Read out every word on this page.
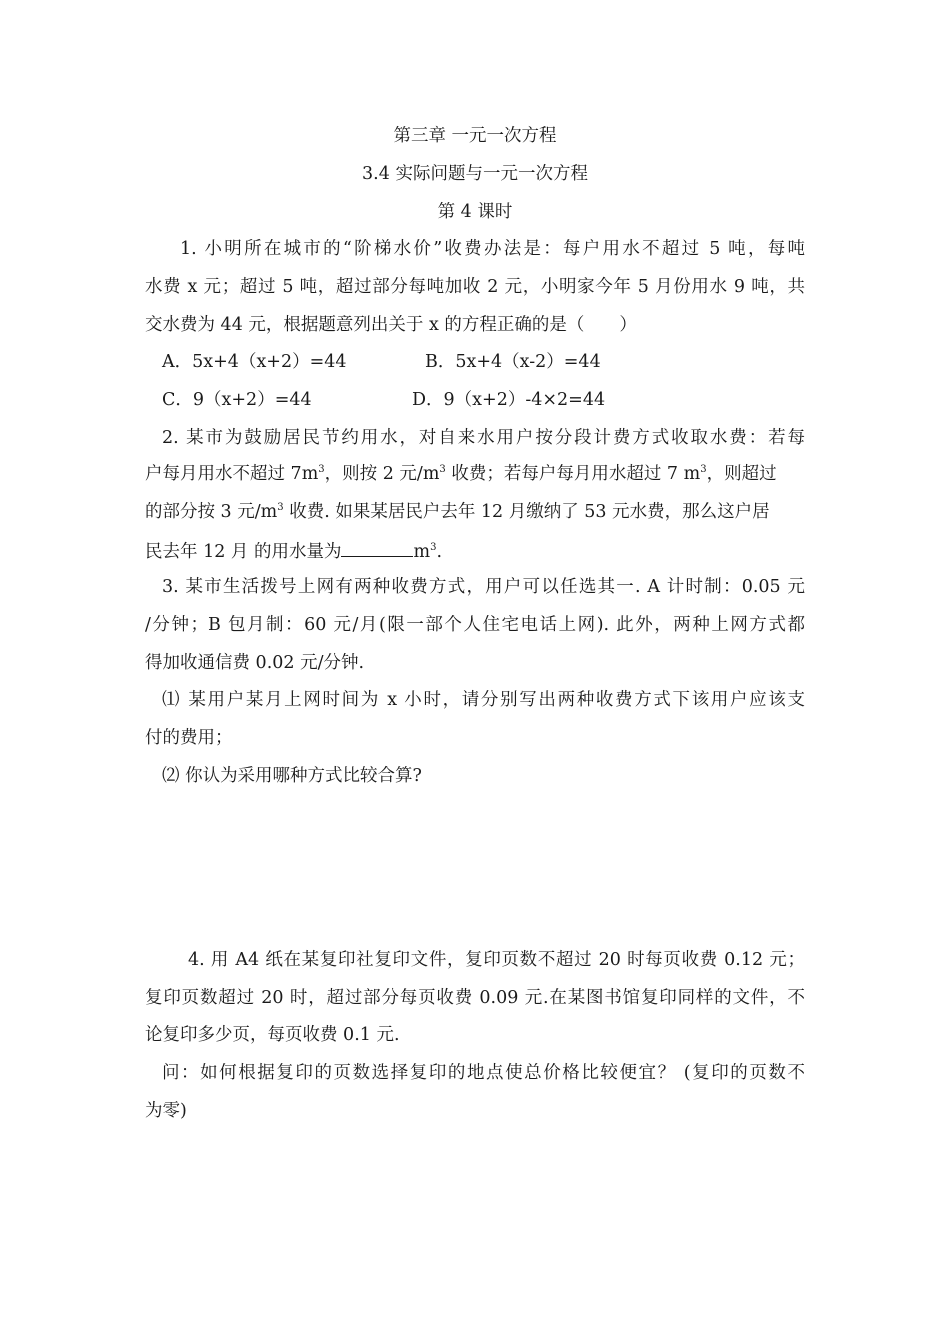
第三章 一元一次方程
3.4 实际问题与一元一次方程
第 4 课时
1. 小明所在城市的“阶梯水价”收费办法是：每户用水不超过 5 吨，每吨
水费 x 元；超过 5 吨，超过部分每吨加收 2 元，小明家今年 5 月份用水 9 吨，共
交水费为 44 元，根据题意列出关于 x 的方程正确的是（　　）
A．5x+4（x+2）=44	B．5x+4（x-2）=44
C．9（x+2）=44	D．9（x+2）-4×2=44
2. 某市为鼓励居民节约用水，对自来水用户按分段计费方式收取水费：若每
户每月用水不超过 $7m^3$，则按 2 元$/m^3$ 收费；若每户每月用水超过 7 $m^3$，则超过
的部分按 3 元$/m^3$ 收费. 如果某居民户去年 12 月缴纳了 53 元水费，那么这户居
民去年 12 月 的用水量为	$m^3$.
3. 某市生活拨号上网有两种收费方式，用户可以任选其一. A 计时制：0.05 元
/分钟；B 包月制：60 元/月(限一部个人住宅电话上网). 此外，两种上网方式都
得加收通信费 0.02 元/分钟.
⑴ 某用户某月上网时间为 x 小时，请分别写出两种收费方式下该用户应该支
付的费用；
⑵ 你认为采用哪种方式比较合算?
4. 用 A4 纸在某复印社复印文件，复印页数不超过 20 时每页收费 0.12 元；
复印页数超过 20 时，超过部分每页收费 0.09 元.在某图书馆复印同样的文件，不
论复印多少页，每页收费 0.1 元.
问：如何根据复印的页数选择复印的地点使总价格比较便宜？ (复印的页数不
为零)
